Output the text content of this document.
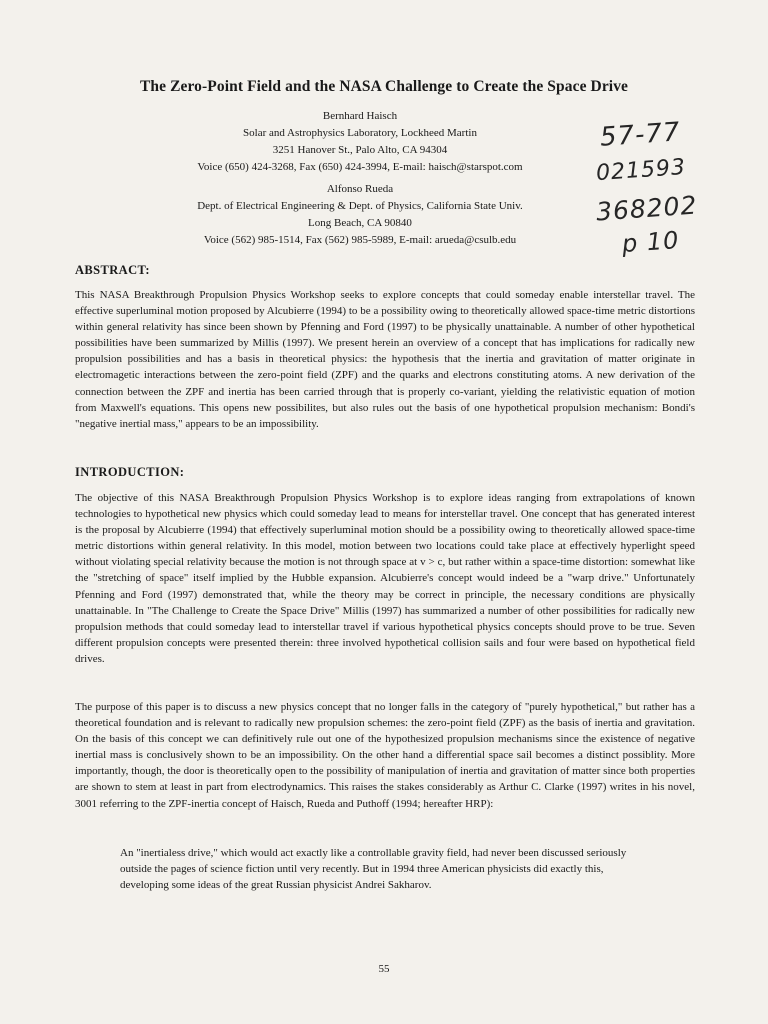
The Zero-Point Field and the NASA Challenge to Create the Space Drive
Bernhard Haisch
Solar and Astrophysics Laboratory, Lockheed Martin
3251 Hanover St., Palo Alto, CA 94304
Voice (650) 424-3268, Fax (650) 424-3994, E-mail: haisch@starspot.com
Alfonso Rueda
Dept. of Electrical Engineering & Dept. of Physics, California State Univ.
Long Beach, CA 90840
Voice (562) 985-1514, Fax (562) 985-5989, E-mail: arueda@csulb.edu
57-77
021593
368202
p 10
ABSTRACT:
This NASA Breakthrough Propulsion Physics Workshop seeks to explore concepts that could someday enable interstellar travel. The effective superluminal motion proposed by Alcubierre (1994) to be a possibility owing to theoretically allowed space-time metric distortions within general relativity has since been shown by Pfenning and Ford (1997) to be physically unattainable. A number of other hypothetical possibilities have been summarized by Millis (1997). We present herein an overview of a concept that has implications for radically new propulsion possibilities and has a basis in theoretical physics: the hypothesis that the inertia and gravitation of matter originate in electromagetic interactions between the zero-point field (ZPF) and the quarks and electrons constituting atoms. A new derivation of the connection between the ZPF and inertia has been carried through that is properly co-variant, yielding the relativistic equation of motion from Maxwell's equations. This opens new possibilites, but also rules out the basis of one hypothetical propulsion mechanism: Bondi's "negative inertial mass," appears to be an impossibility.
INTRODUCTION:
The objective of this NASA Breakthrough Propulsion Physics Workshop is to explore ideas ranging from extrapolations of known technologies to hypothetical new physics which could someday lead to means for interstellar travel. One concept that has generated interest is the proposal by Alcubierre (1994) that effectively superluminal motion should be a possibility owing to theoretically allowed space-time metric distortions within general relativity. In this model, motion between two locations could take place at effectively hyperlight speed without violating special relativity because the motion is not through space at v > c, but rather within a space-time distortion: somewhat like the "stretching of space" itself implied by the Hubble expansion. Alcubierre's concept would indeed be a "warp drive." Unfortunately Pfenning and Ford (1997) demonstrated that, while the theory may be correct in principle, the necessary conditions are physically unattainable. In "The Challenge to Create the Space Drive" Millis (1997) has summarized a number of other possibilities for radically new propulsion methods that could someday lead to interstellar travel if various hypothetical physics concepts should prove to be true. Seven different propulsion concepts were presented therein: three involved hypothetical collision sails and four were based on hypothetical field drives.
The purpose of this paper is to discuss a new physics concept that no longer falls in the category of "purely hypothetical," but rather has a theoretical foundation and is relevant to radically new propulsion schemes: the zero-point field (ZPF) as the basis of inertia and gravitation. On the basis of this concept we can definitively rule out one of the hypothesized propulsion mechanisms since the existence of negative inertial mass is conclusively shown to be an impossibility. On the other hand a differential space sail becomes a distinct possiblity. More importantly, though, the door is theoretically open to the possibility of manipulation of inertia and gravitation of matter since both properties are shown to stem at least in part from electrodynamics. This raises the stakes considerably as Arthur C. Clarke (1997) writes in his novel, 3001 referring to the ZPF-inertia concept of Haisch, Rueda and Puthoff (1994; hereafter HRP):
An "inertialess drive," which would act exactly like a controllable gravity field, had never been discussed seriously outside the pages of science fiction until very recently. But in 1994 three American physicists did exactly this, developing some ideas of the great Russian physicist Andrei Sakharov.
55
